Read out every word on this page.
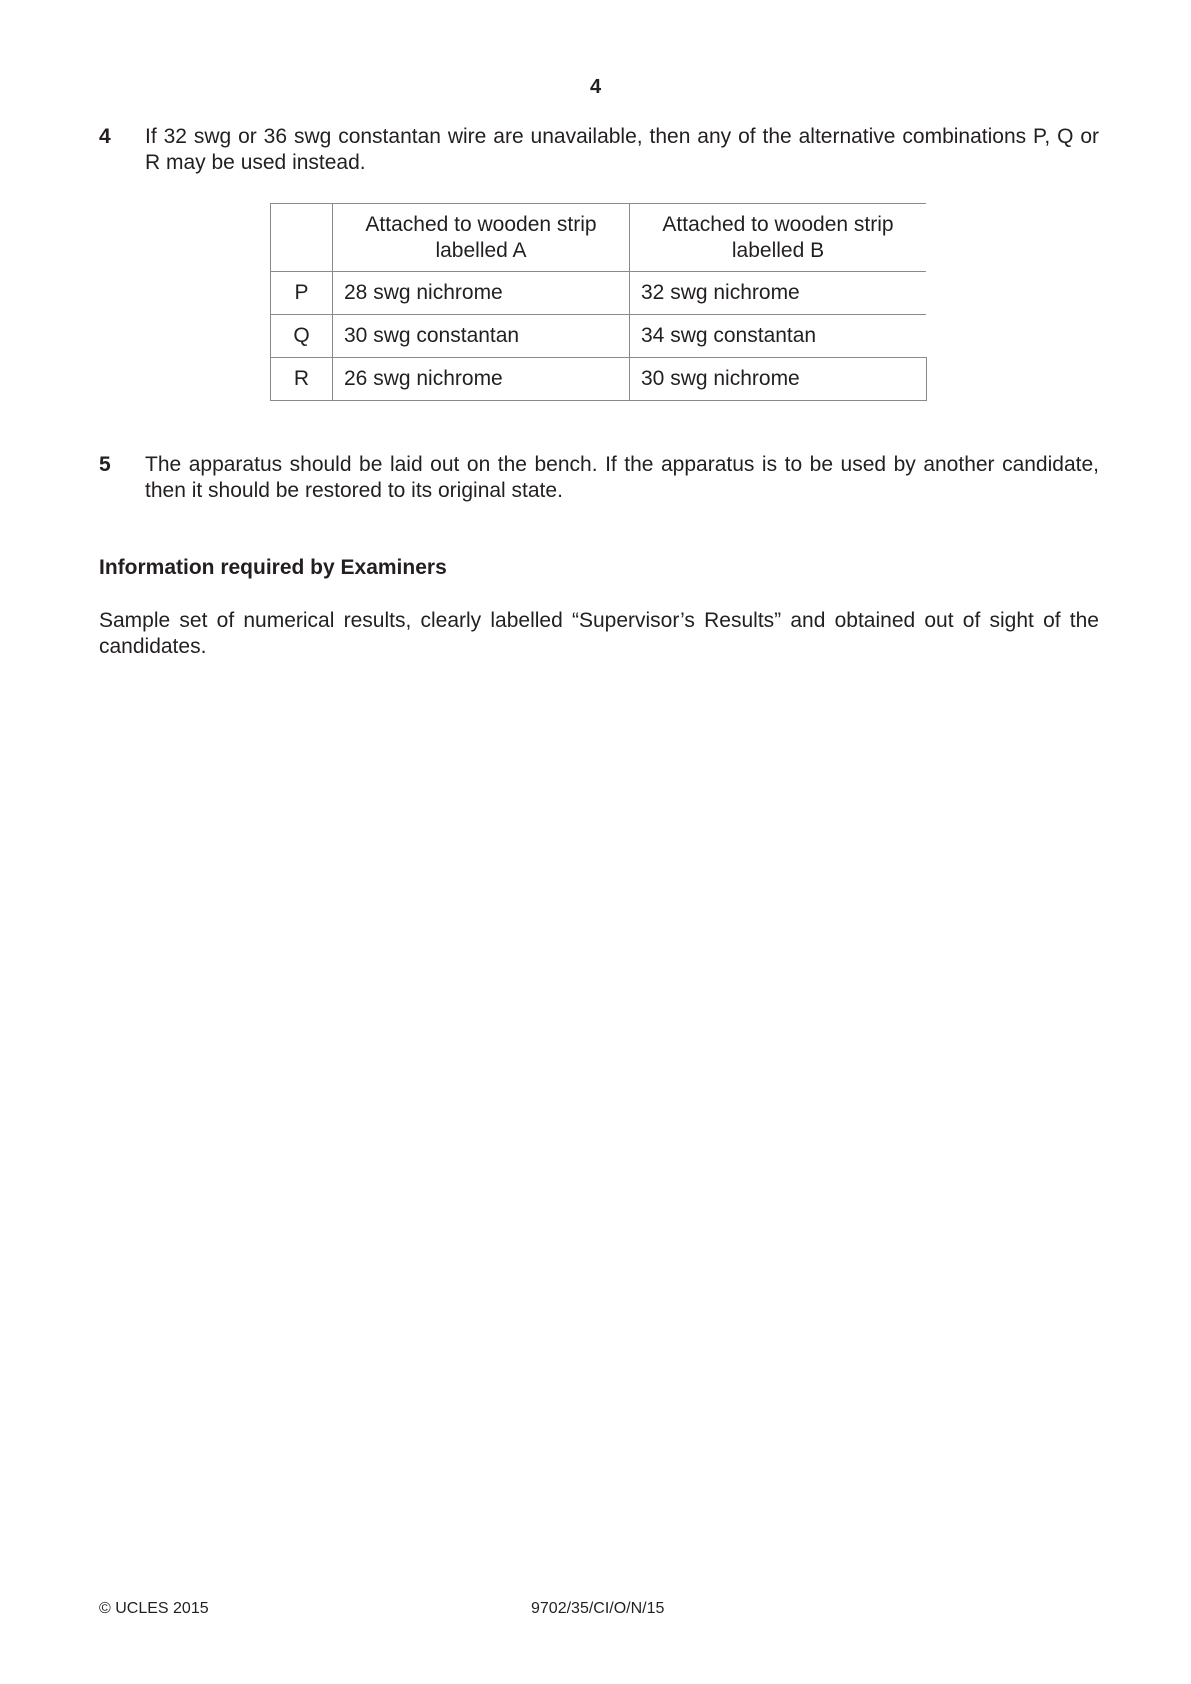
4
4 If 32 swg or 36 swg constantan wire are unavailable, then any of the alternative combinations P, Q or R may be used instead.
	Attached to wooden strip labelled A	Attached to wooden strip labelled B
P	28 swg nichrome	32 swg nichrome
Q	30 swg constantan	34 swg constantan
R	26 swg nichrome	30 swg nichrome
5 The apparatus should be laid out on the bench. If the apparatus is to be used by another candidate, then it should be restored to its original state.
Information required by Examiners
Sample set of numerical results, clearly labelled “Supervisor’s Results” and obtained out of sight of the candidates.
© UCLES 2015	9702/35/CI/O/N/15
